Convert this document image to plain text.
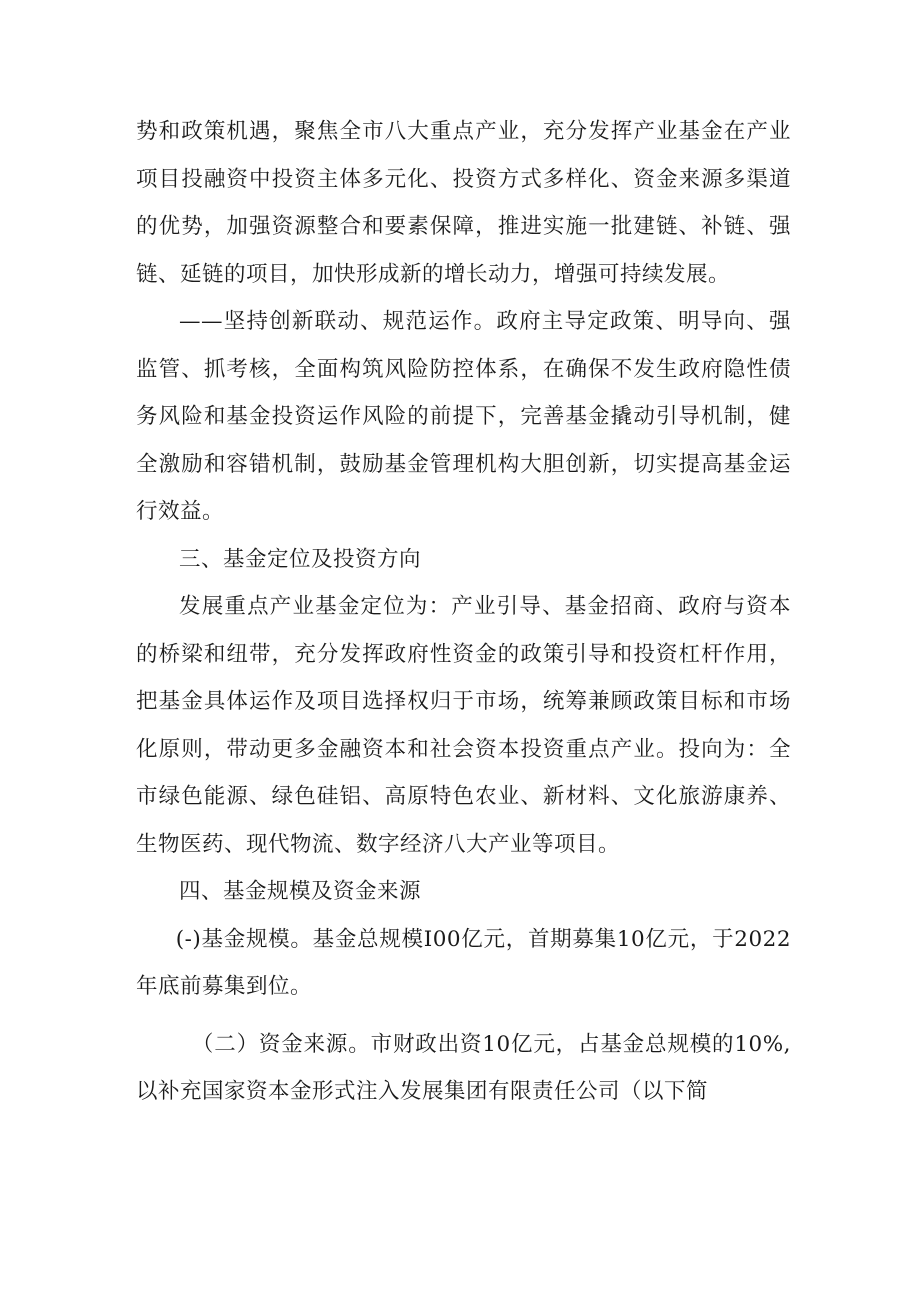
势和政策机遇，聚焦全市八大重点产业，充分发挥产业基金在产业项目投融资中投资主体多元化、投资方式多样化、资金来源多渠道的优势，加强资源整合和要素保障，推进实施一批建链、补链、强链、延链的项目，加快形成新的增长动力，增强可持续发展。

——坚持创新联动、规范运作。政府主导定政策、明导向、强监管、抓考核，全面构筑风险防控体系，在确保不发生政府隐性债务风险和基金投资运作风险的前提下，完善基金撬动引导机制，健全激励和容错机制，鼓励基金管理机构大胆创新，切实提高基金运行效益。

三、基金定位及投资方向

发展重点产业基金定位为：产业引导、基金招商、政府与资本的桥梁和纽带，充分发挥政府性资金的政策引导和投资杠杆作用，把基金具体运作及项目选择权归于市场，统筹兼顾政策目标和市场化原则，带动更多金融资本和社会资本投资重点产业。投向为：全市绿色能源、绿色硅铝、高原特色农业、新材料、文化旅游康养、生物医药、现代物流、数字经济八大产业等项目。

四、基金规模及资金来源

(-)基金规模。基金总规模I00亿元，首期募集10亿元，于2022年底前募集到位。

（二）资金来源。市财政出资10亿元，占基金总规模的10%,以补充国家资本金形式注入发展集团有限责任公司（以下简
